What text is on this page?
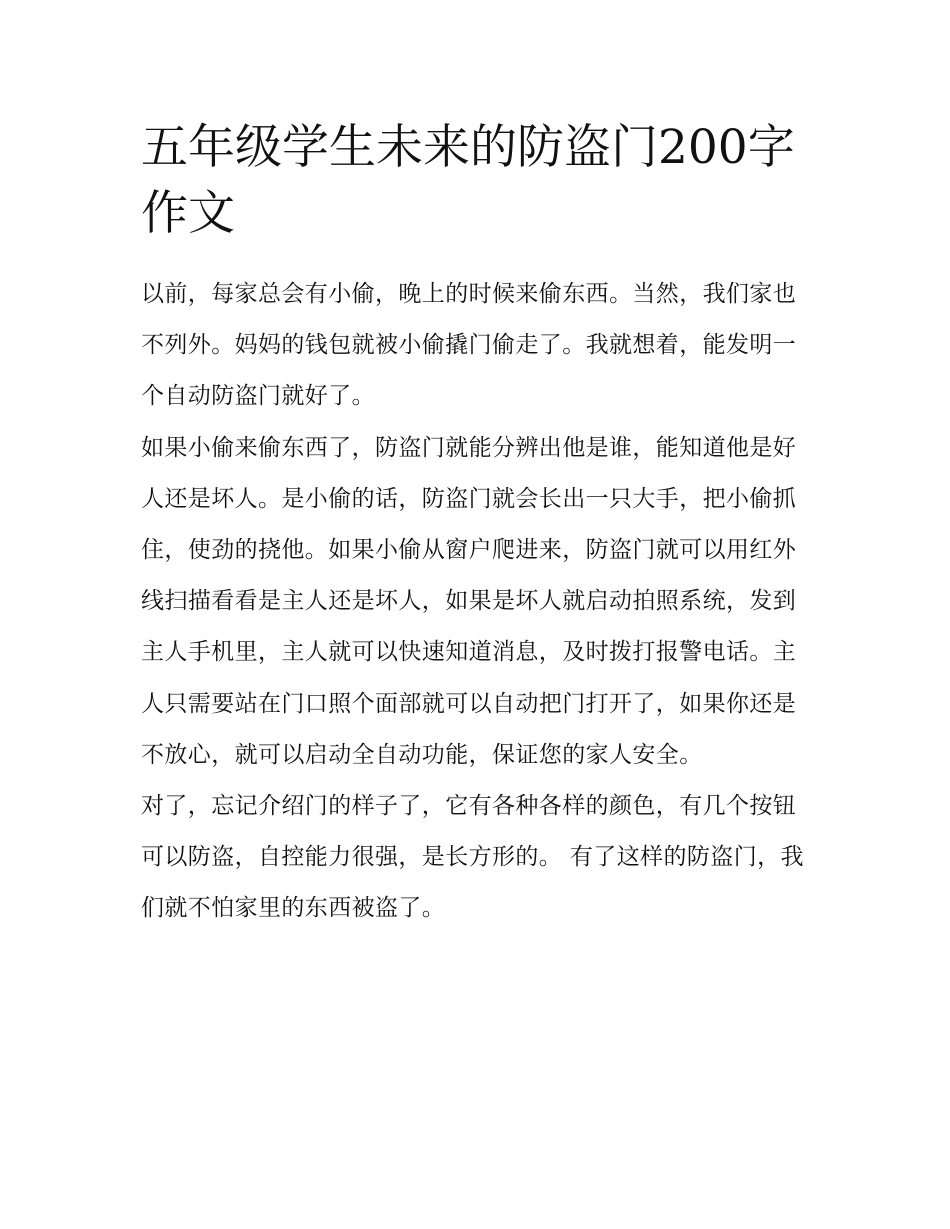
五年级学生未来的防盗门200字作文

以前，每家总会有小偷，晚上的时候来偷东西。当然，我们家也不列外。妈妈的钱包就被小偷撬门偷走了。我就想着，能发明一个自动防盗门就好了。

如果小偷来偷东西了，防盗门就能分辨出他是谁，能知道他是好人还是坏人。是小偷的话，防盗门就会长出一只大手，把小偷抓住，使劲的挠他。如果小偷从窗户爬进来，防盗门就可以用红外线扫描看看是主人还是坏人，如果是坏人就启动拍照系统，发到主人手机里，主人就可以快速知道消息，及时拨打报警电话。主人只需要站在门口照个面部就可以自动把门打开了，如果你还是不放心，就可以启动全自动功能，保证您的家人安全。

对了，忘记介绍门的样子了，它有各种各样的颜色，有几个按钮可以防盗，自控能力很强，是长方形的。 有了这样的防盗门，我们就不怕家里的东西被盗了。
